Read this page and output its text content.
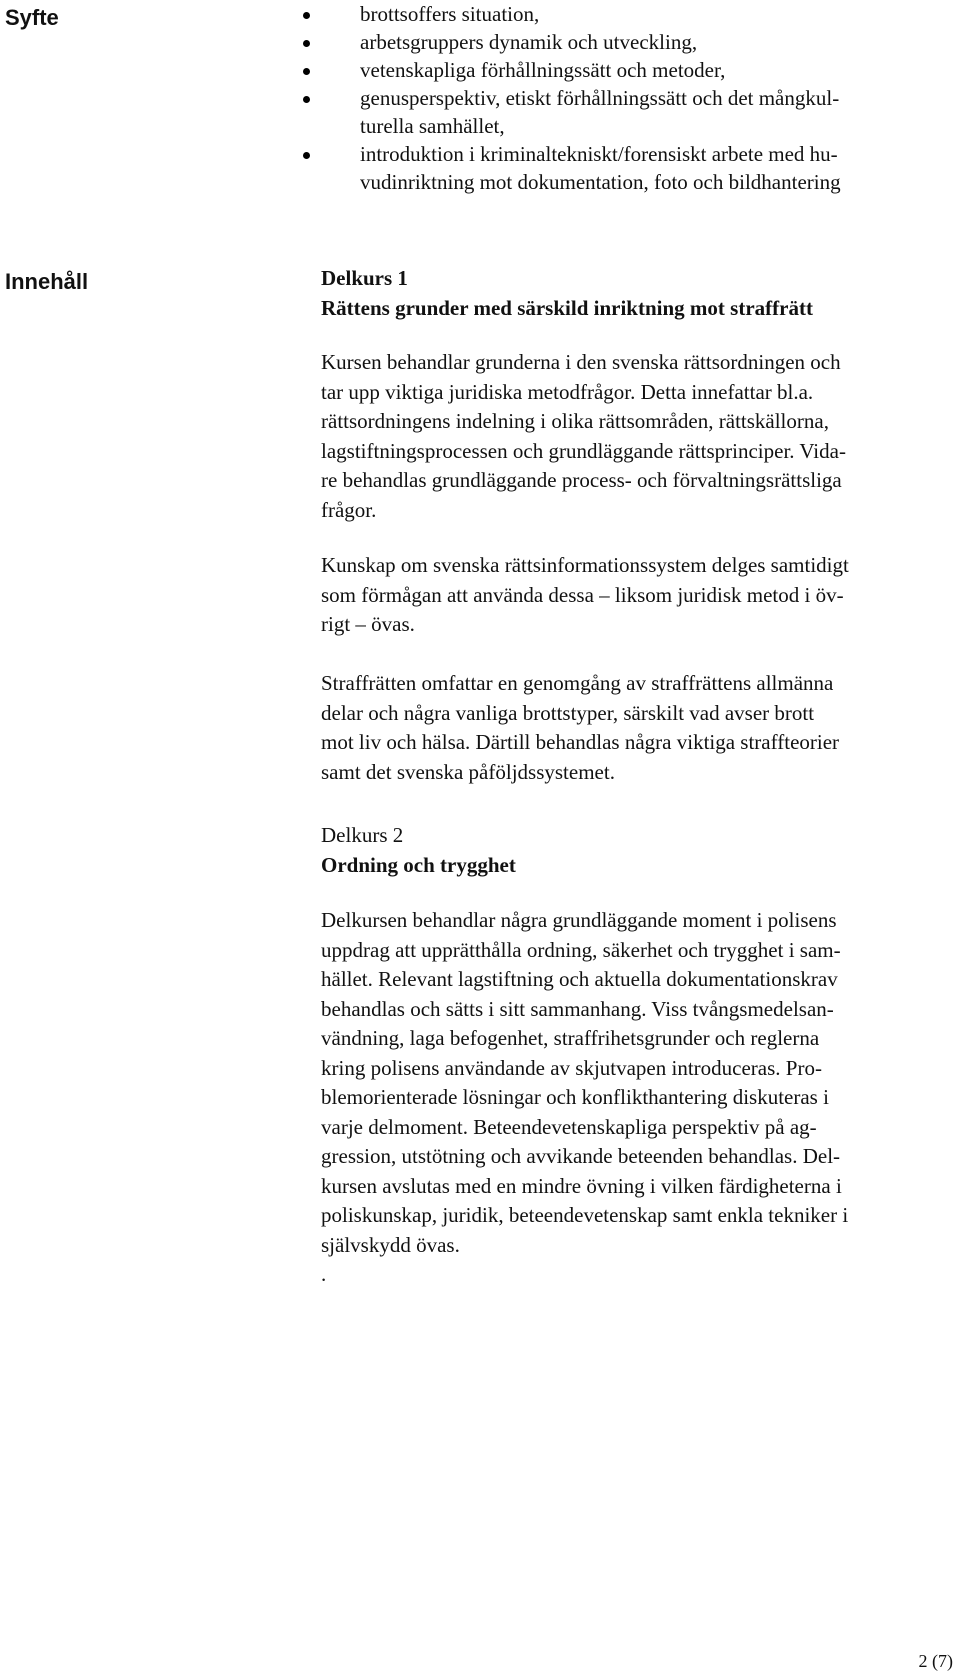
Syfte	brottsoffers situation,
arbetsgruppers dynamik och utveckling,
vetenskapliga förhållningssätt och metoder,
genusperspektiv, etiskt förhållningssätt och det mångkul-
turella samhället,
introduktion i kriminaltekniskt/forensiskt arbete med hu-
vudinriktning mot dokumentation, foto och bildhantering
Innehåll	Delkurs 1

Rättens grunder med särskild inriktning mot straffrätt

Kursen behandlar grunderna i den svenska rättsordningen och

tar upp viktiga juridiska metodfrågor. Detta innefattar bl.a.

rättsordningens indelning i olika rättsområden, rättskällorna,

lagstiftningsprocessen och grundläggande rättsprinciper. Vida-

re behandlas grundläggande process- och förvaltningsrättsliga

frågor.

Kunskap om svenska rättsinformationssystem delges samtidigt

som förmågan att använda dessa – liksom juridisk metod i öv-

rigt – övas.

Straffrätten omfattar en genomgång av straffrättens allmänna

delar och några vanliga brottstyper, särskilt vad avser brott

mot liv och hälsa. Därtill behandlas några viktiga straffteorier

samt det svenska påföljdssystemet.

Delkurs 2

Ordning och trygghet

Delkursen behandlar några grundläggande moment i polisens

uppdrag att upprätthålla ordning, säkerhet och trygghet i sam-

hället. Relevant lagstiftning och aktuella dokumentationskrav

behandlas och sätts i sitt sammanhang. Viss tvångsmedelsan-

vändning, laga befogenhet, straffrihetsgrunder och reglerna

kring polisens användande av skjutvapen introduceras. Pro-

blemorienterade lösningar och konflikthantering diskuteras i

varje delmoment. Beteendevetenskapliga perspektiv på ag-

gression, utstötning och avvikande beteenden behandlas. Del-

kursen avslutas med en mindre övning i vilken färdigheterna i

poliskunskap, juridik, beteendevetenskap samt enkla tekniker i

självskydd övas.

.
2 (7)
